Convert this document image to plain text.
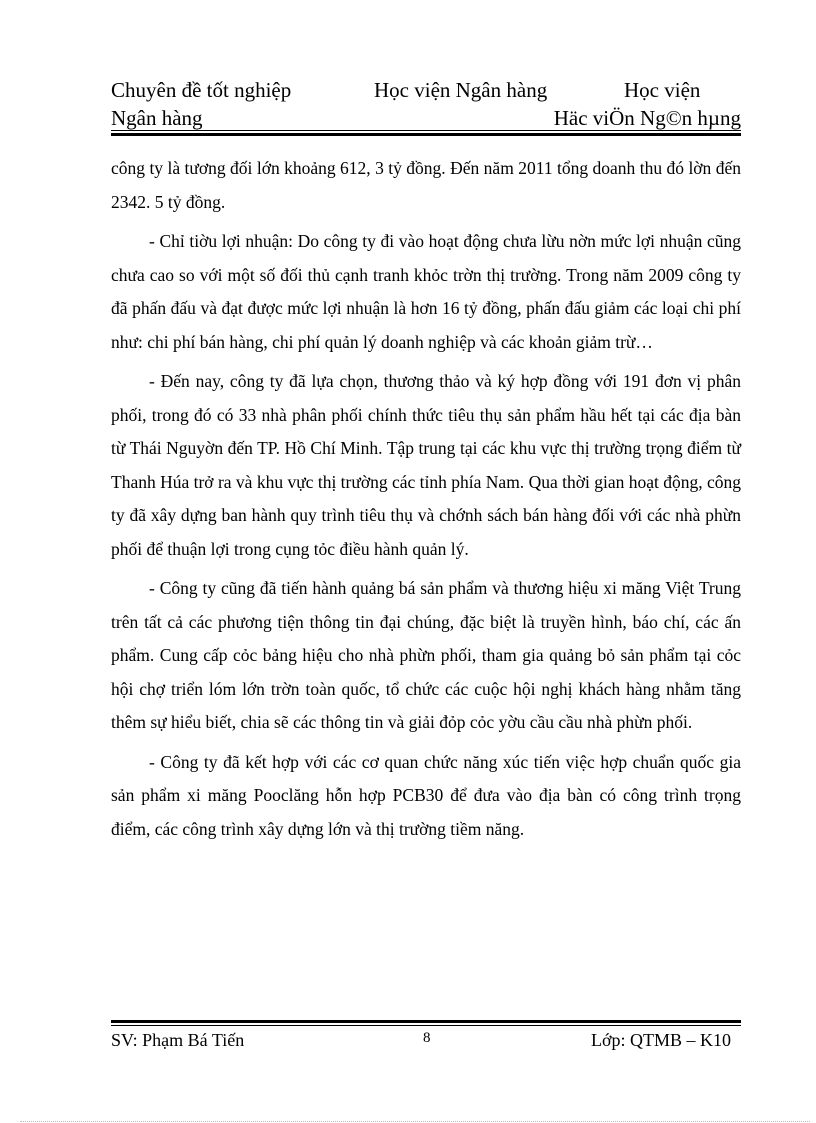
Chuyên đề tốt nghiệp	Học viện Ngân hàng	Học viện
Ngân hàng	Häc viÖn Ng©n hµng

công ty là tương đối lớn khoảng 612, 3 tỷ đồng. Đến năm 2011 tổng doanh thu đó lờn đến 2342. 5 tỷ đồng.

- Chỉ tiờu lợi nhuận: Do công ty đi vào hoạt động chưa lừu nờn mức lợi nhuận cũng chưa cao so với một số đối thủ cạnh tranh khỏc trờn thị trường. Trong năm 2009 công ty đã phấn đấu và đạt được mức lợi nhuận là hơn 16 tỷ đồng, phấn đấu giảm các loại chi phí như: chi phí bán hàng, chi phí quản lý doanh nghiệp và các khoản giảm trừ…

- Đến nay, công ty đã lựa chọn, thương thảo và ký hợp đồng với 191 đơn vị phân phối, trong đó có 33 nhà phân phối chính thức tiêu thụ sản phẩm hầu hết tại các địa bàn từ Thái Nguyờn đến TP. Hồ Chí Minh. Tập trung tại các khu vực thị trường trọng điểm từ Thanh Húa trở ra và khu vực thị trường các tỉnh phía Nam. Qua thời gian hoạt động, công ty đã xây dựng ban hành quy trình tiêu thụ và chớnh sách bán hàng đối với các nhà phừn phối để thuận lợi trong cụng tỏc điều hành quản lý.

- Công ty cũng đã tiến hành quảng bá sản phẩm và thương hiệu xi măng Việt Trung trên tất cả các phương tiện thông tin đại chúng, đặc biệt là truyền hình, báo chí, các ấn phẩm. Cung cấp cỏc bảng hiệu cho nhà phừn phối, tham gia quảng bỏ sản phẩm tại cỏc hội chợ triển lóm lớn trờn toàn quốc, tổ chức các cuộc hội nghị khách hàng nhằm tăng thêm sự hiểu biết, chia sẽ các thông tin và giải đỏp cỏc yờu cầu cầu nhà phừn phối.

- Công ty đã kết hợp với các cơ quan chức năng xúc tiến việc hợp chuẩn quốc gia sản phẩm xi măng Pooclăng hỗn hợp PCB30 để đưa vào địa bàn có công trình trọng điểm, các công trình xây dựng lớn và thị trường tiềm năng.

SV: Phạm Bá Tiến	8	Lớp: QTMB – K10
